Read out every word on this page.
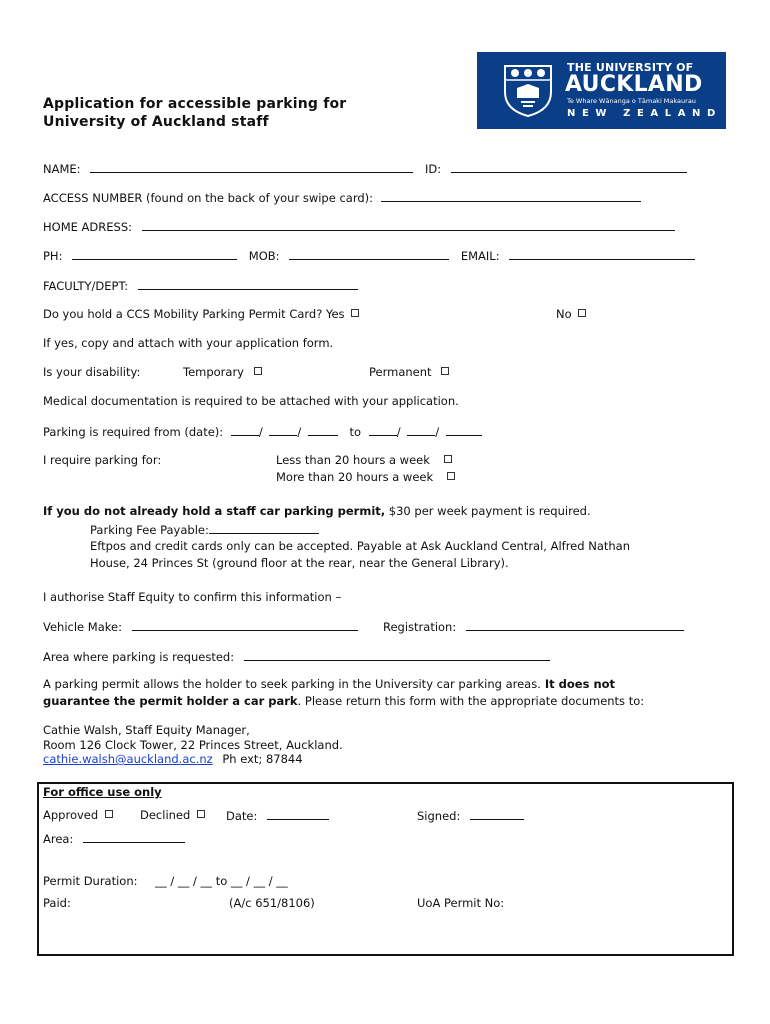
Application for accessible parking for
University of Auckland staff
THE UNIVERSITY OF
AUCKLAND
Te Whare Wānanga o Tāmaki Makaurau
NEW ZEALAND
NAME:	ID:
ACCESS NUMBER (found on the back of your swipe card):
HOME ADRESS:
PH:	MOB:	EMAIL:
FACULTY/DEPT:
Do you hold a CCS Mobility Parking Permit Card? Yes	No
If yes, copy and attach with your application form.
Is your disability:	Temporary	Permanent
Medical documentation is required to be attached with your application.
Parking is required from (date):	/	/	to	/	/
I require parking for:	Less than 20 hours a week
More than 20 hours a week
If you do not already hold a staff car parking permit, $30 per week payment is required.
Parking Fee Payable:
Eftpos and credit cards only can be accepted. Payable at Ask Auckland Central, Alfred Nathan
House, 24 Princes St (ground floor at the rear, near the General Library).
I authorise Staff Equity to confirm this information –
Vehicle Make:	Registration:
Area where parking is requested:
A parking permit allows the holder to seek parking in the University car parking areas. It does not
guarantee the permit holder a car park. Please return this form with the appropriate documents to:
Cathie Walsh, Staff Equity Manager,
Room 126 Clock Tower, 22 Princes Street, Auckland.
cathie.walsh@auckland.ac.nz Ph ext; 87844
For office use only
Approved	Declined	Date:	Signed:
Area:
Permit Duration: __ / __ / __ to __ / __ / __
Paid:	(A/c 651/8106)	UoA Permit No:
